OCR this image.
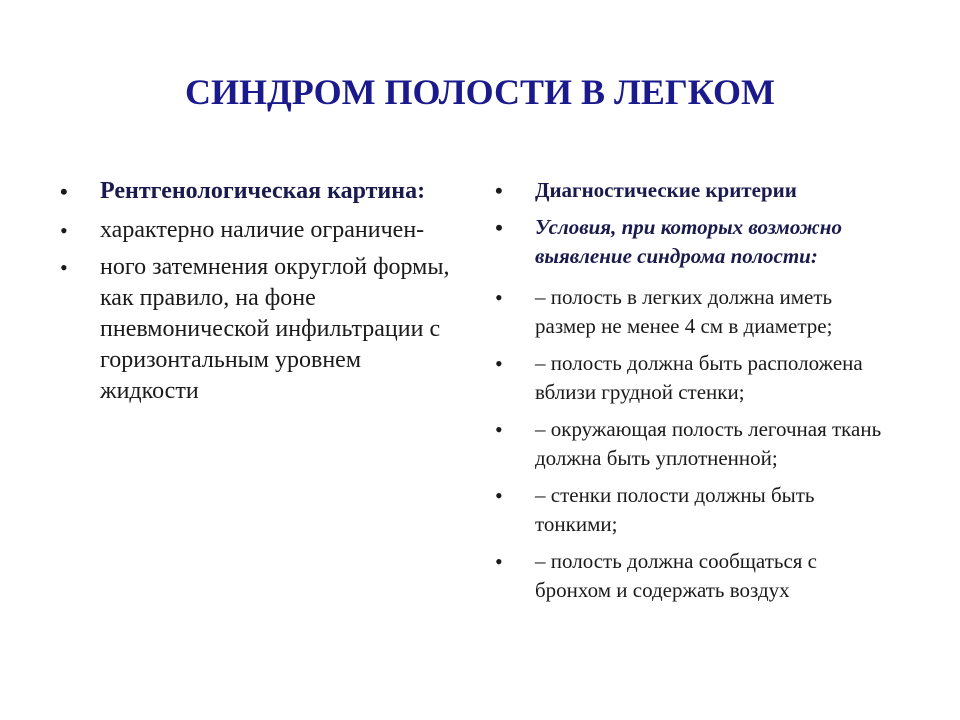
СИНДРОМ ПОЛОСТИ В ЛЕГКОМ
• Рентгенологическая картина:
• характерно наличие ограничен-
• ного затемнения округлой формы, как правило, на фоне пневмонической инфильтрации с горизонтальным уровнем жидкости
• Диагностические критерии
• Условия, при которых возможно выявление синдрома полости:
• – полость в легких должна иметь размер не менее 4 см в диаметре;
• – полость должна быть расположена вблизи грудной стенки;
• – окружающая полость легочная ткань должна быть уплотненной;
• – стенки полости должны быть тонкими;
• – полость должна сообщаться с бронхом и содержать воздух
